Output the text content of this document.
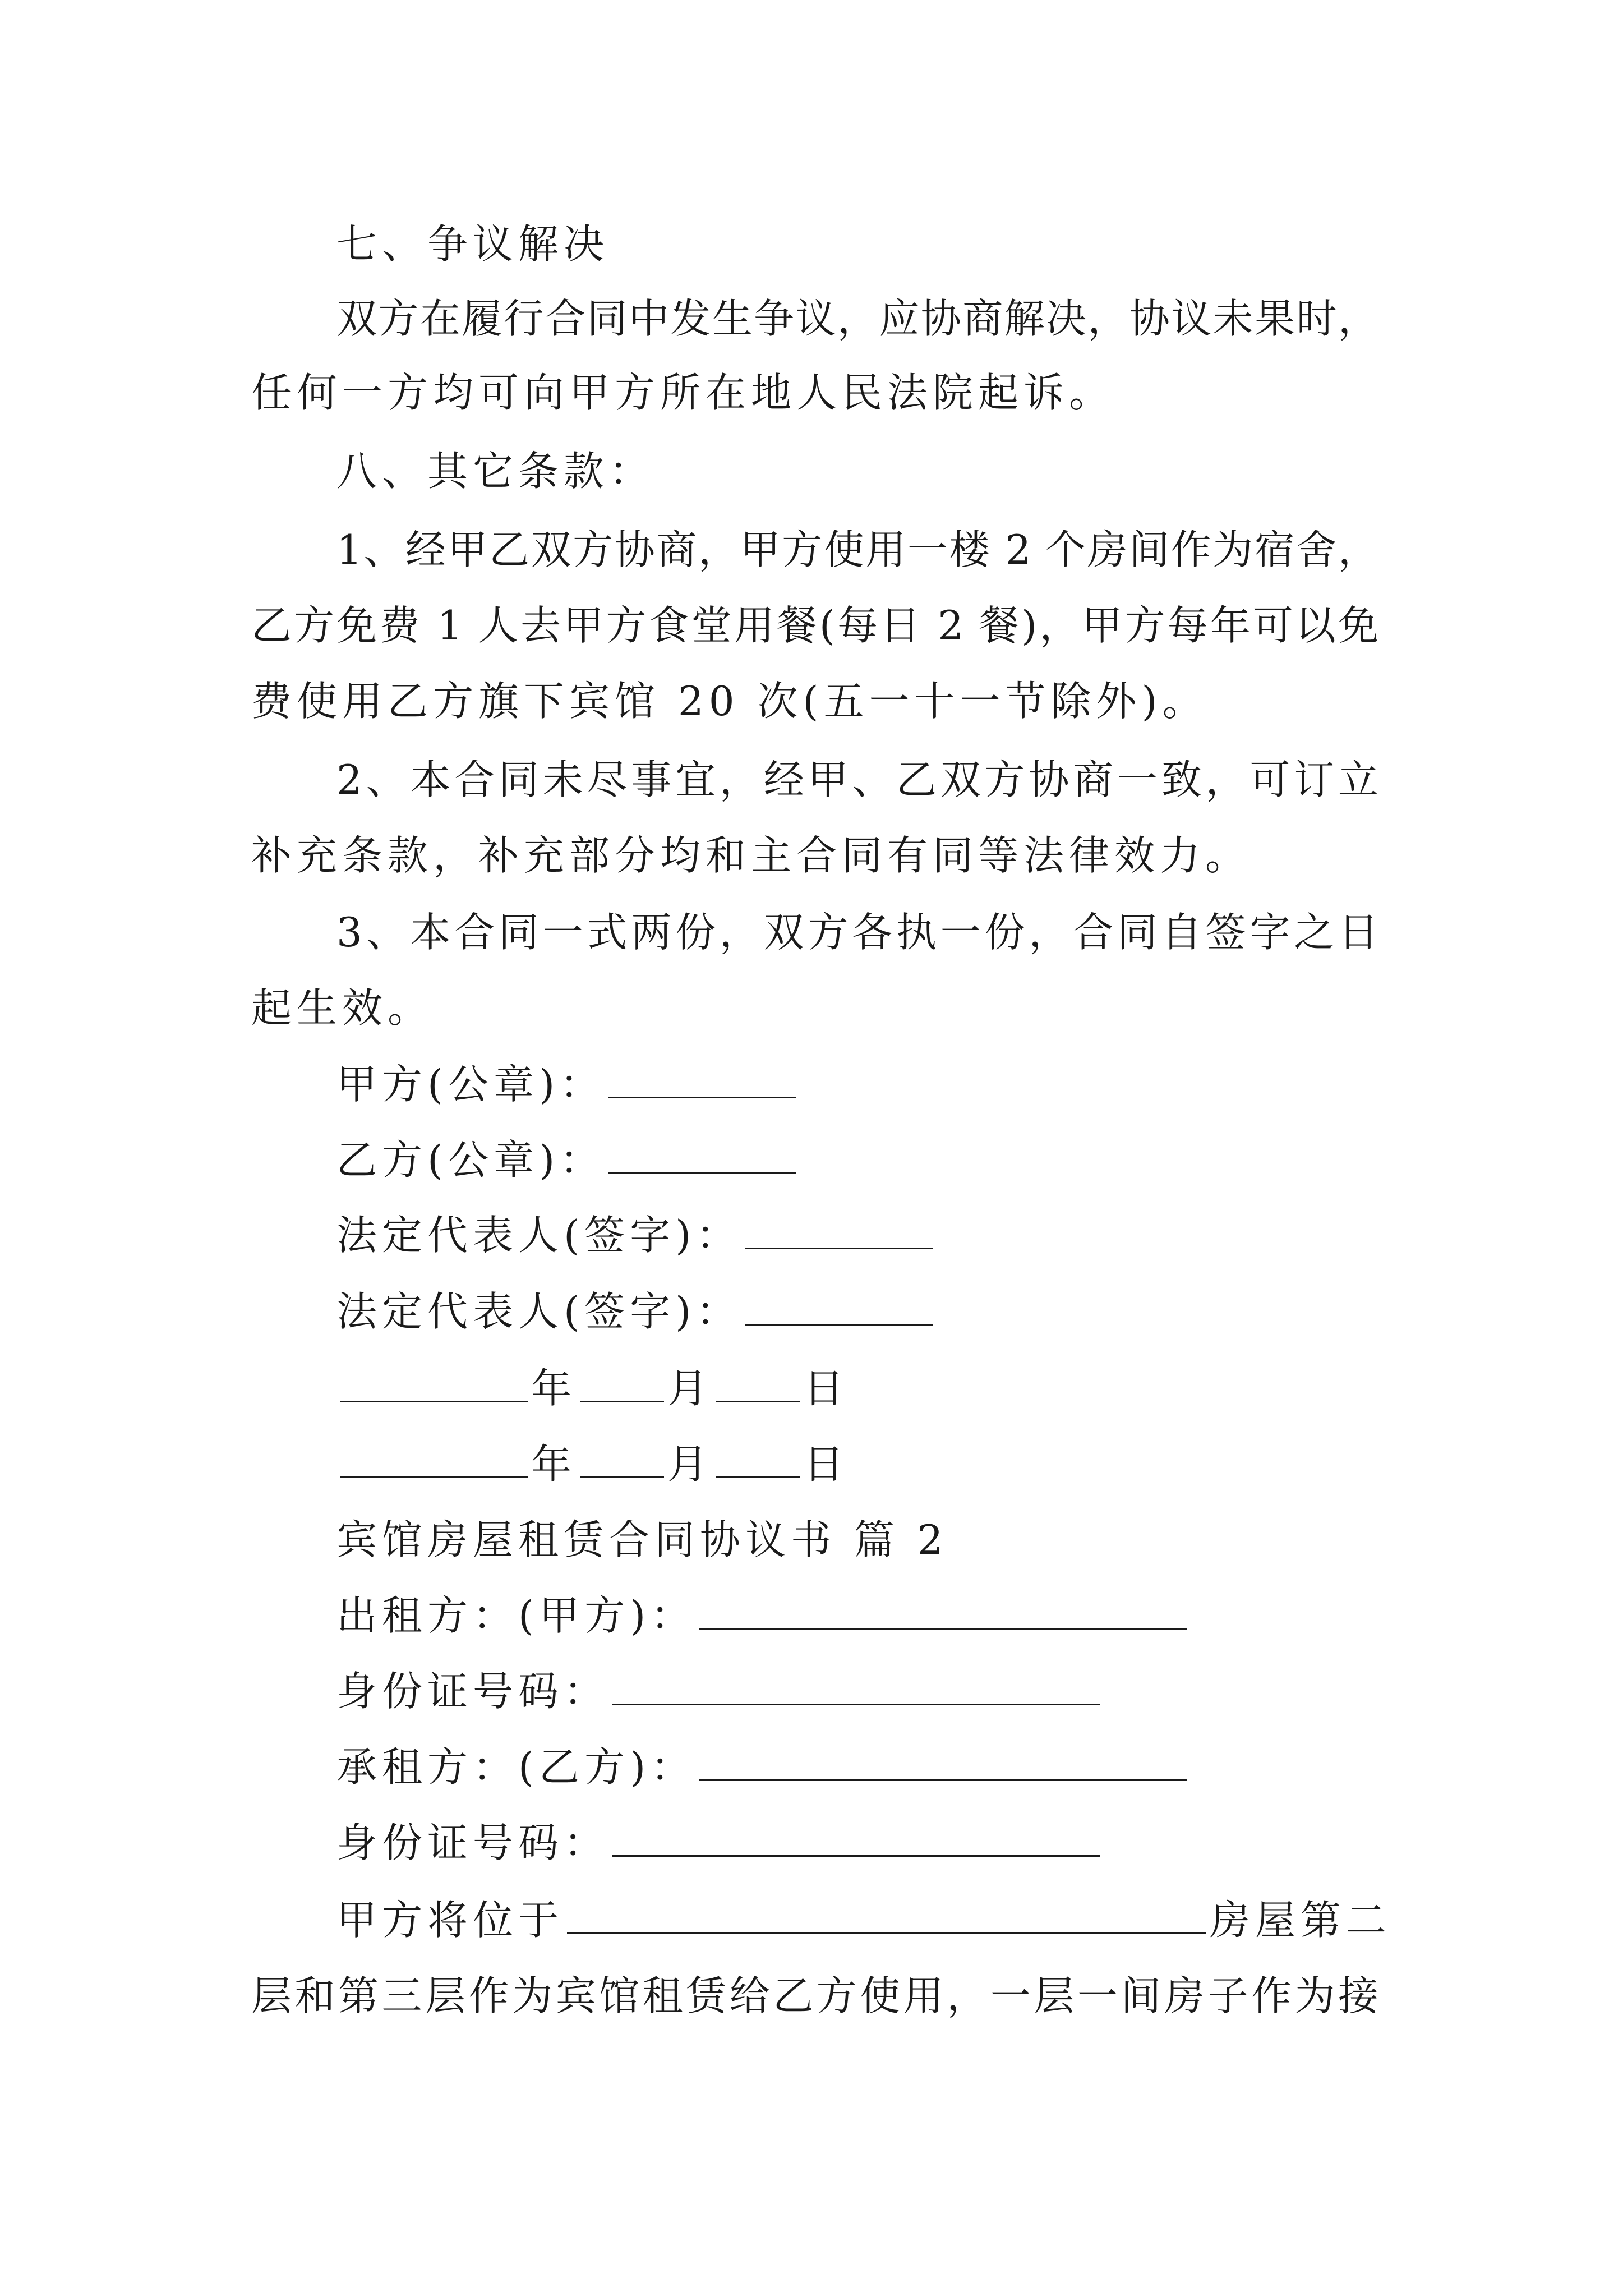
七、争议解决
双方在履行合同中发生争议，应协商解决，协议未果时，
任何一方均可向甲方所在地人民法院起诉。
八、其它条款：
1、经甲乙双方协商，甲方使用一楼 2 个房间作为宿舍，
乙方免费 1 人去甲方食堂用餐(每日 2 餐)，甲方每年可以免
费使用乙方旗下宾馆 20 次(五一十一节除外)。
2、本合同未尽事宜，经甲、乙双方协商一致，可订立
补充条款，补充部分均和主合同有同等法律效力。
3、本合同一式两份，双方各执一份，合同自签字之日
起生效。
甲方(公章)：
乙方(公章)：
法定代表人(签字)：
法定代表人(签字)：
年 月 日
年 月 日
宾馆房屋租赁合同协议书 篇 2
出租方：(甲方)：
身份证号码：
承租方：(乙方)：
身份证号码：
甲方将位于	房屋第二
层和第三层作为宾馆租赁给乙方使用，一层一间房子作为接
